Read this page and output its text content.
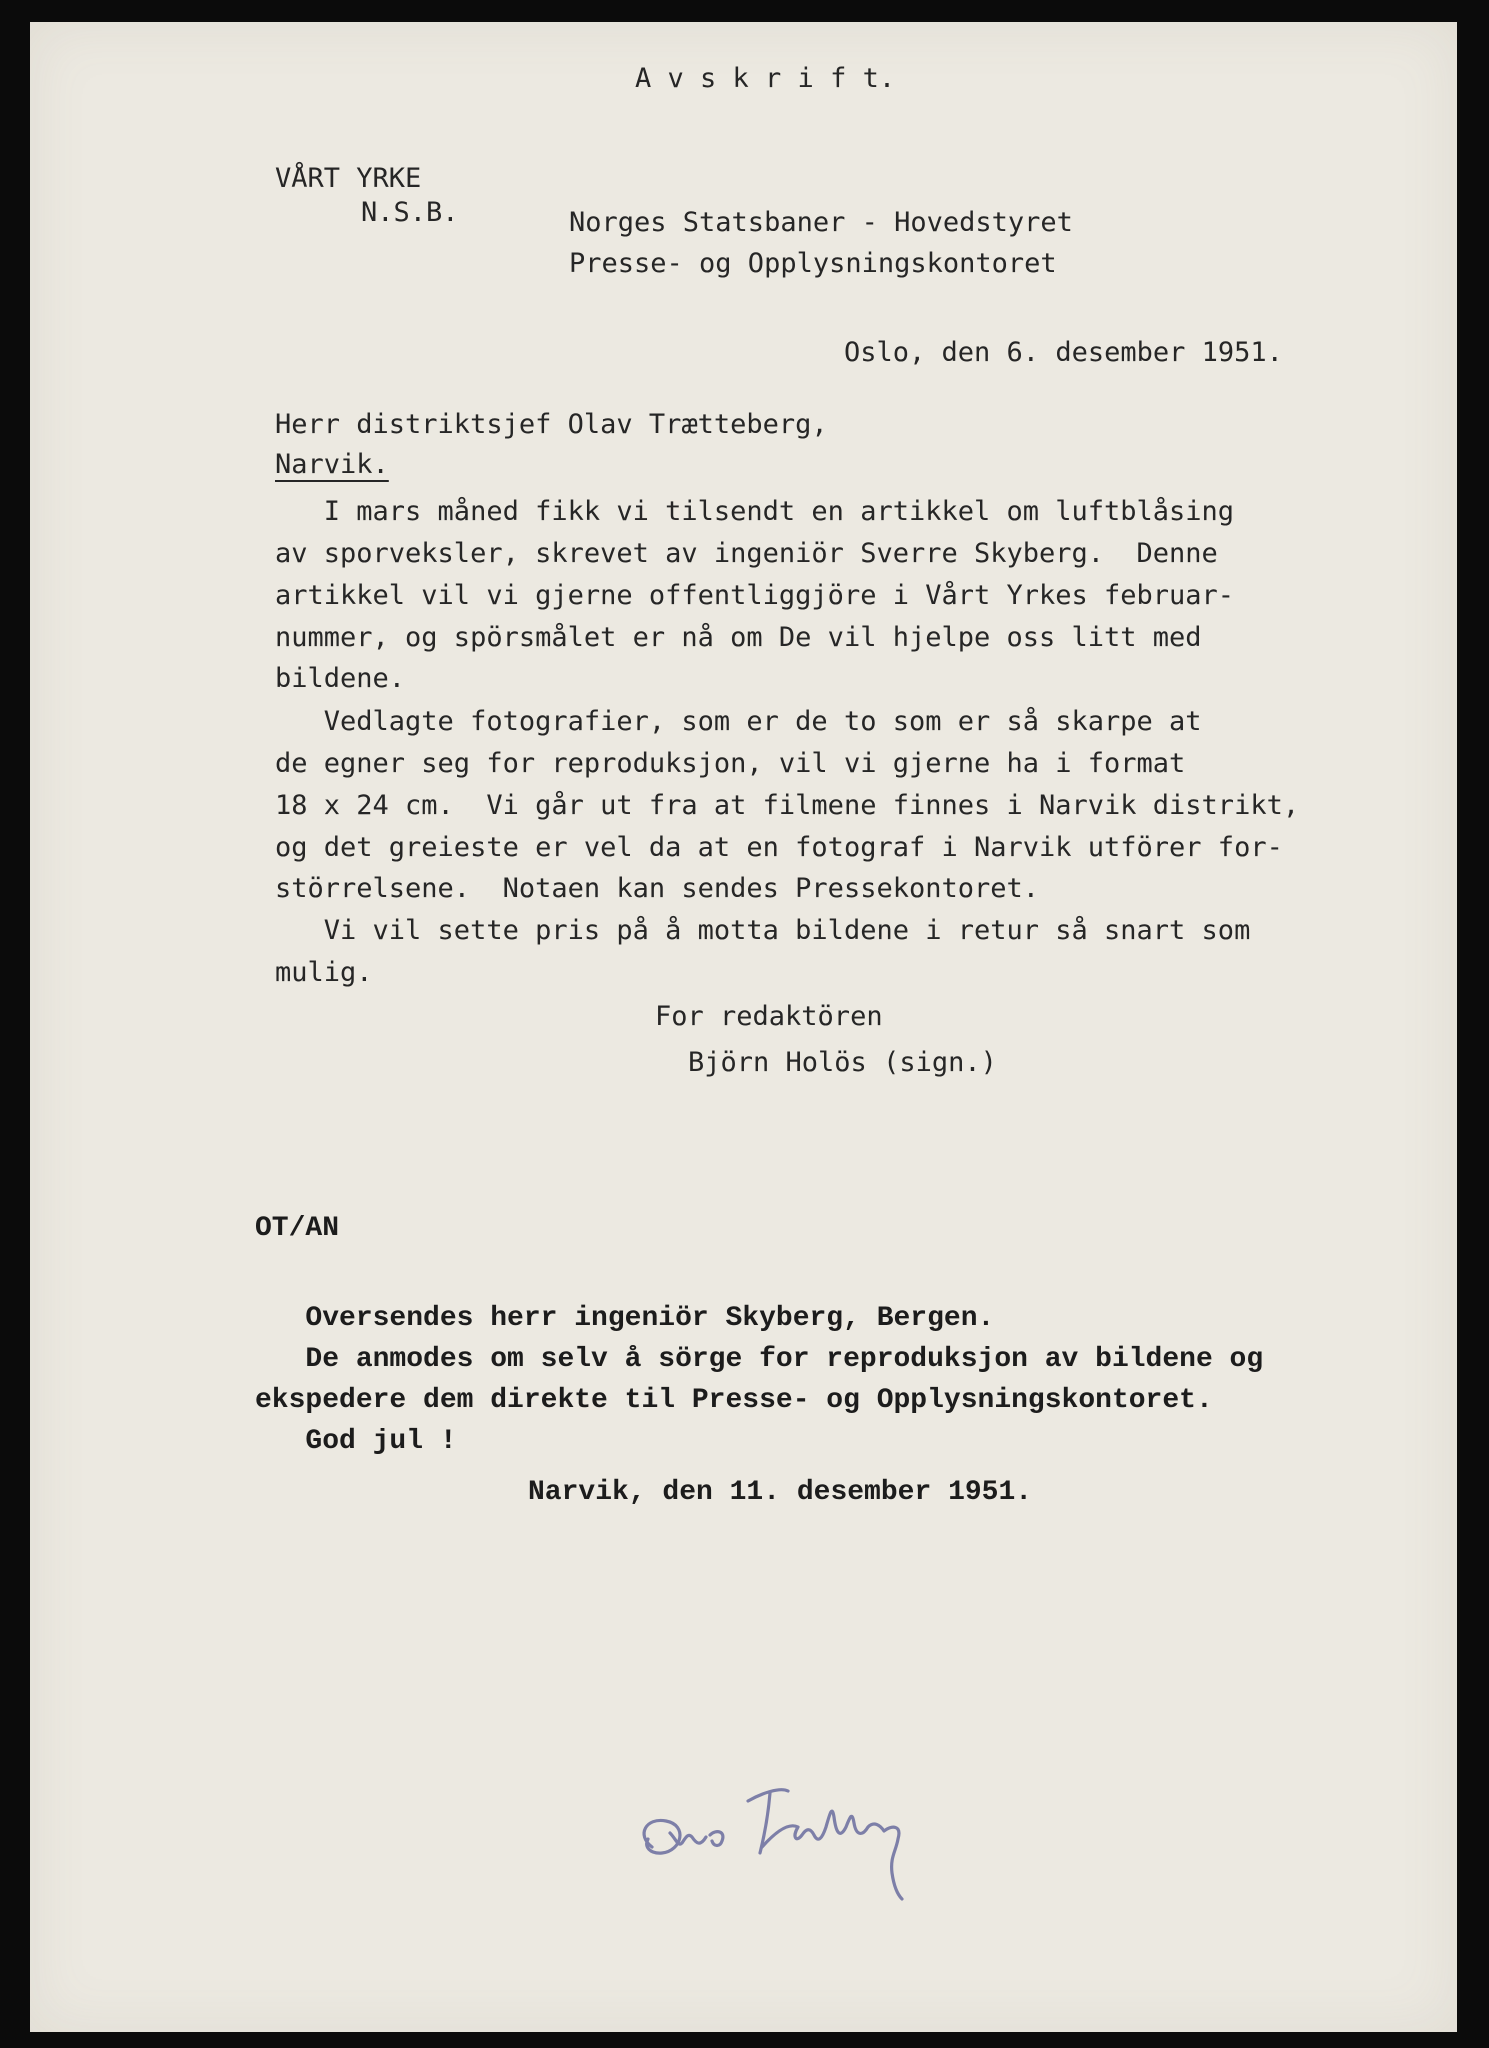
A v s k r i f t.
VÅRT YRKE
N.S.B.	Norges Statsbaner - Hovedstyret
Presse- og Opplysningskontoret
Oslo, den 6. desember 1951.
Herr distriktsjef Olav Trætteberg,
Narvik.
I mars måned fikk vi tilsendt en artikkel om luftblåsing
av sporveksler, skrevet av ingeniör Sverre Skyberg.  Denne
artikkel vil vi gjerne offentliggjöre i Vårt Yrkes februar-
nummer, og spörsmålet er nå om De vil hjelpe oss litt med
bildene.
Vedlagte fotografier, som er de to som er så skarpe at
de egner seg for reproduksjon, vil vi gjerne ha i format
18 x 24 cm.  Vi går ut fra at filmene finnes i Narvik distrikt,
og det greieste er vel da at en fotograf i Narvik utförer for-
störrelsene.  Notaen kan sendes Pressekontoret.
Vi vil sette pris på å motta bildene i retur så snart som
mulig.
For redaktören
Björn Holös (sign.)
OT/AN
Oversendes herr ingeniör Skyberg, Bergen.
De anmodes om selv å sörge for reproduksjon av bildene og
ekspedere dem direkte til Presse- og Opplysningskontoret.
God jul !
Narvik, den 11. desember 1951.
